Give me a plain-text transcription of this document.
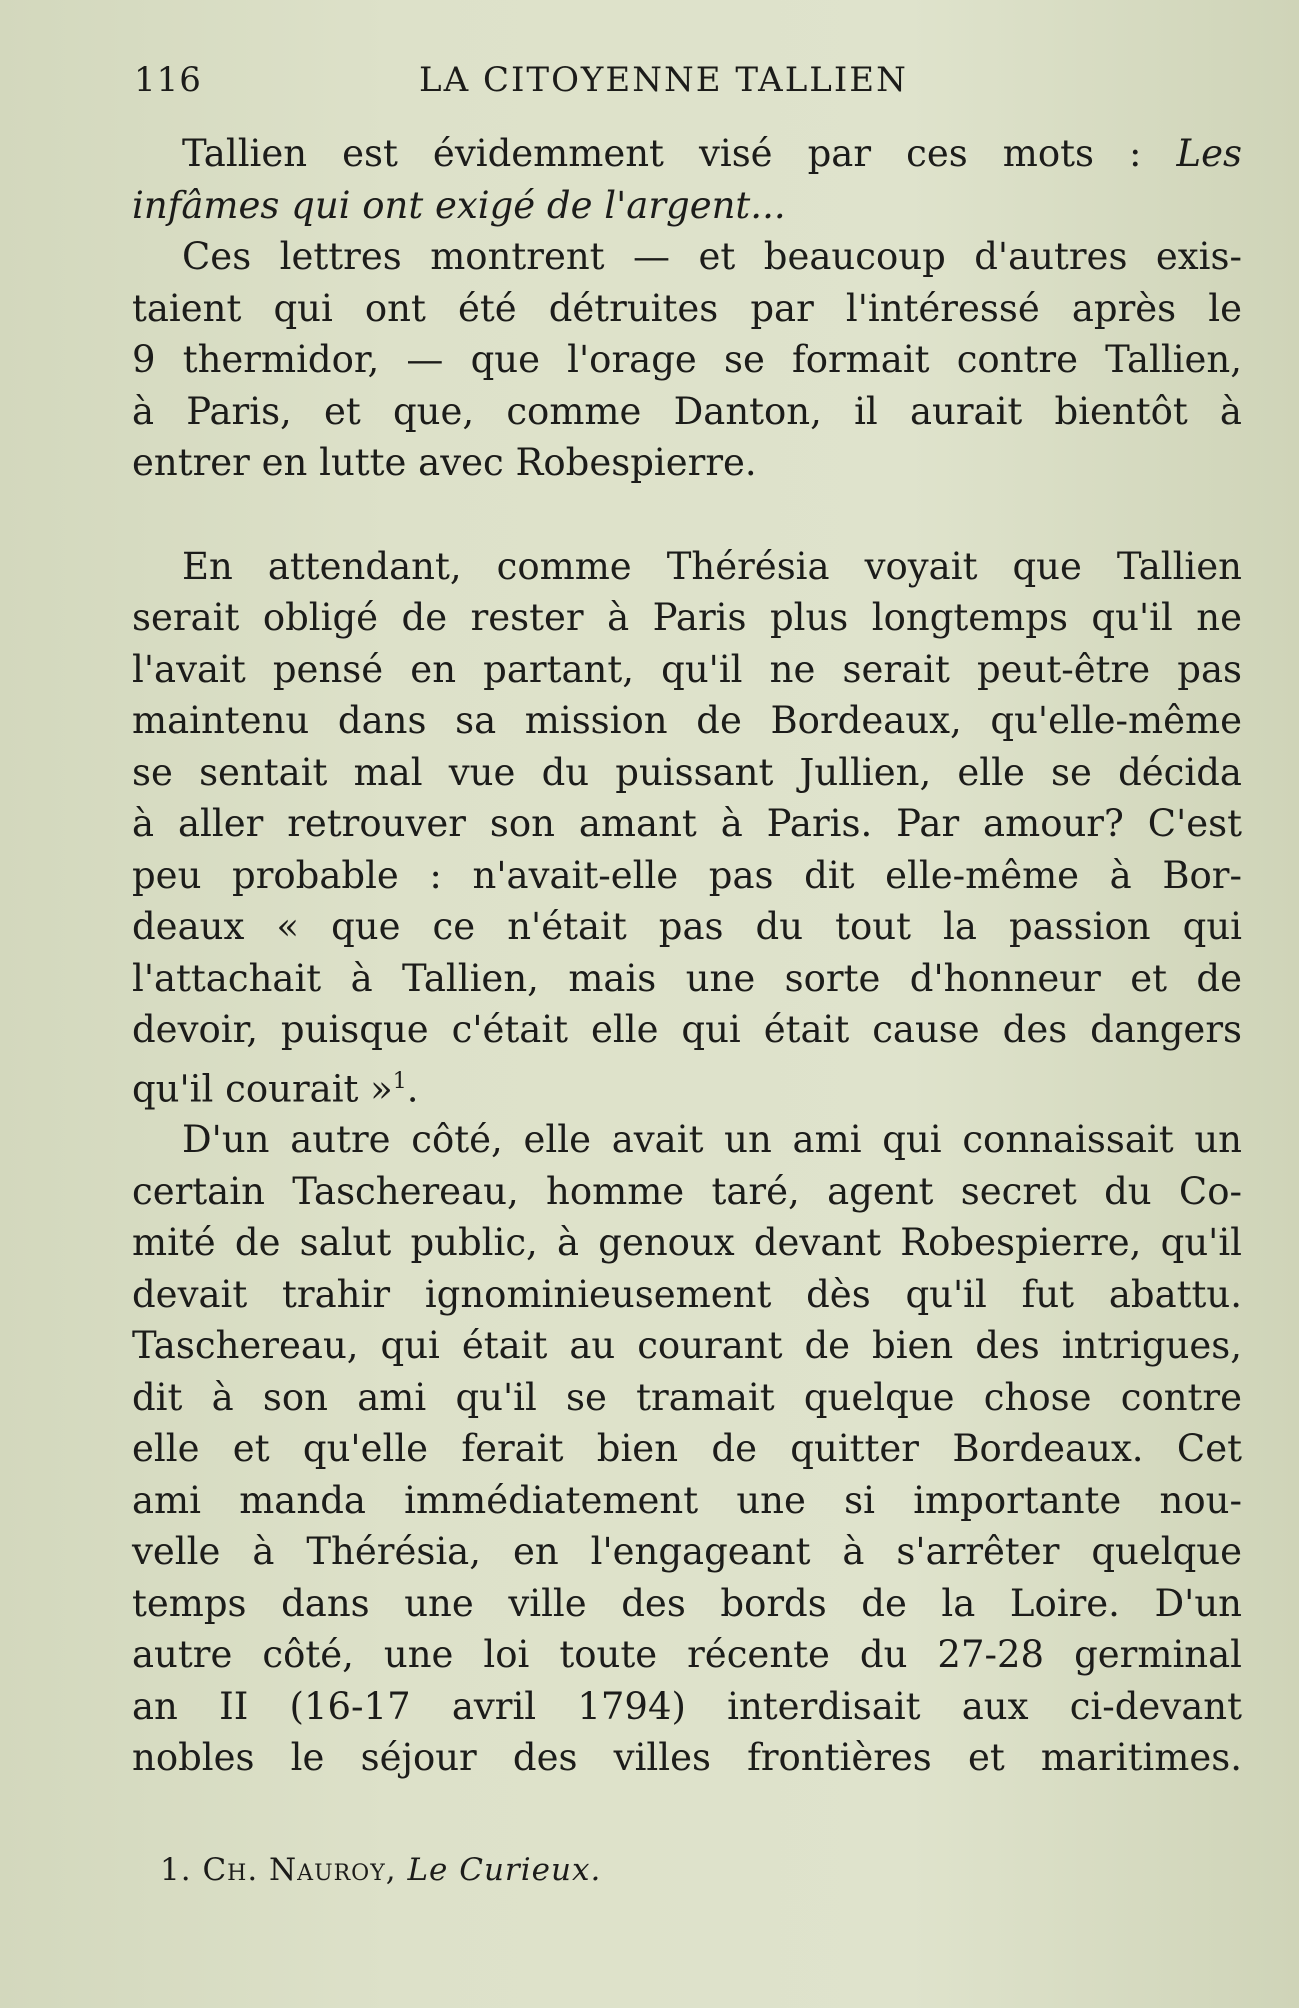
116	LA CITOYENNE TALLIEN

Tallien est évidemment visé par ces mots : Les
infâmes qui ont exigé de l'argent...

Ces lettres montrent — et beaucoup d'autres exis-
taient qui ont été détruites par l'intéressé après le
9 thermidor, — que l'orage se formait contre Tallien,
à Paris, et que, comme Danton, il aurait bientôt à
entrer en lutte avec Robespierre.

En attendant, comme Thérésia voyait que Tallien
serait obligé de rester à Paris plus longtemps qu'il ne
l'avait pensé en partant, qu'il ne serait peut-être pas
maintenu dans sa mission de Bordeaux, qu'elle-même
se sentait mal vue du puissant Jullien, elle se décida
à aller retrouver son amant à Paris. Par amour? C'est
peu probable : n'avait-elle pas dit elle-même à Bor-
deaux « que ce n'était pas du tout la passion qui
l'attachait à Tallien, mais une sorte d'honneur et de
devoir, puisque c'était elle qui était cause des dangers
qu'il courait »$^1$.

D'un autre côté, elle avait un ami qui connaissait un
certain Taschereau, homme taré, agent secret du Co-
mité de salut public, à genoux devant Robespierre, qu'il
devait trahir ignominieusement dès qu'il fut abattu.
Taschereau, qui était au courant de bien des intrigues,
dit à son ami qu'il se tramait quelque chose contre
elle et qu'elle ferait bien de quitter Bordeaux. Cet
ami manda immédiatement une si importante nou-
velle à Thérésia, en l'engageant à s'arrêter quelque
temps dans une ville des bords de la Loire. D'un
autre côté, une loi toute récente du 27-28 germinal
an II (16-17 avril 1794) interdisait aux ci-devant
nobles le séjour des villes frontières et maritimes.

1. Ch. Nauroy, Le Curieux.
